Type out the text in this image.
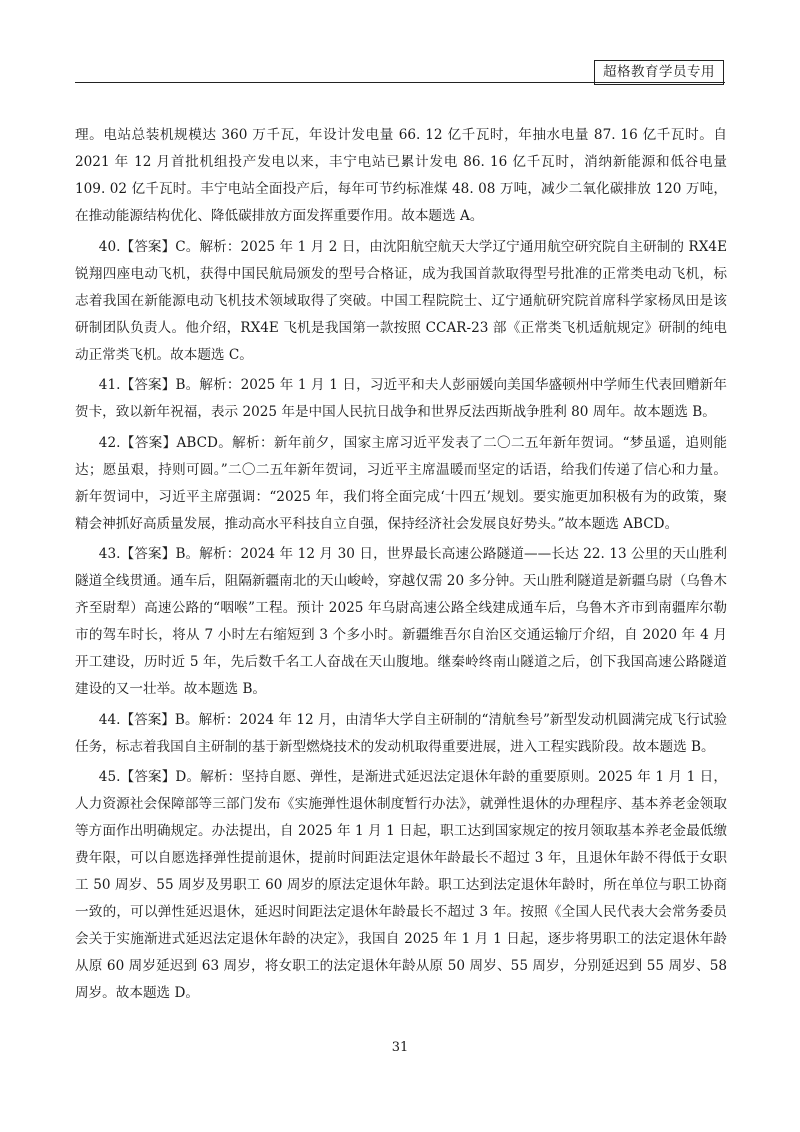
超格教育学员专用

理。电站总装机规模达 360 万千瓦，年设计发电量 66. 12 亿千瓦时，年抽水电量 87. 16 亿千瓦时。自 2021 年 12 月首批机组投产发电以来，丰宁电站已累计发电 86. 16 亿千瓦时，消纳新能源和低谷电量 109. 02 亿千瓦时。丰宁电站全面投产后，每年可节约标准煤 48. 08 万吨，减少二氧化碳排放 120 万吨，在推动能源结构优化、降低碳排放方面发挥重要作用。故本题选 A。

40.【答案】C。解析：2025 年 1 月 2 日，由沈阳航空航天大学辽宁通用航空研究院自主研制的 RX4E 锐翔四座电动飞机，获得中国民航局颁发的型号合格证，成为我国首款取得型号批准的正常类电动飞机，标志着我国在新能源电动飞机技术领域取得了突破。中国工程院院士、辽宁通航研究院首席科学家杨凤田是该研制团队负责人。他介绍，RX4E 飞机是我国第一款按照 CCAR-23 部《正常类飞机适航规定》研制的纯电动正常类飞机。故本题选 C。

41.【答案】B。解析：2025 年 1 月 1 日，习近平和夫人彭丽媛向美国华盛顿州中学师生代表回赠新年贺卡，致以新年祝福，表示 2025 年是中国人民抗日战争和世界反法西斯战争胜利 80 周年。故本题选 B。

42.【答案】ABCD。解析：新年前夕，国家主席习近平发表了二〇二五年新年贺词。“梦虽遥，追则能达；愿虽艰，持则可圆。”二〇二五年新年贺词，习近平主席温暖而坚定的话语，给我们传递了信心和力量。新年贺词中，习近平主席强调：“2025 年，我们将全面完成‘十四五’规划。要实施更加积极有为的政策，聚精会神抓好高质量发展，推动高水平科技自立自强，保持经济社会发展良好势头。”故本题选 ABCD。

43.【答案】B。解析：2024 年 12 月 30 日，世界最长高速公路隧道——长达 22. 13 公里的天山胜利隧道全线贯通。通车后，阻隔新疆南北的天山峻岭，穿越仅需 20 多分钟。天山胜利隧道是新疆乌尉（乌鲁木齐至尉犁）高速公路的“咽喉”工程。预计 2025 年乌尉高速公路全线建成通车后，乌鲁木齐市到南疆库尔勒市的驾车时长，将从 7 小时左右缩短到 3 个多小时。新疆维吾尔自治区交通运输厅介绍，自 2020 年 4 月开工建设，历时近 5 年，先后数千名工人奋战在天山腹地。继秦岭终南山隧道之后，创下我国高速公路隧道建设的又一壮举。故本题选 B。

44.【答案】B。解析：2024 年 12 月，由清华大学自主研制的“清航叁号”新型发动机圆满完成飞行试验任务，标志着我国自主研制的基于新型燃烧技术的发动机取得重要进展，进入工程实践阶段。故本题选 B。

45.【答案】D。解析：坚持自愿、弹性，是渐进式延迟法定退休年龄的重要原则。2025 年 1 月 1 日，人力资源社会保障部等三部门发布《实施弹性退休制度暂行办法》，就弹性退休的办理程序、基本养老金领取等方面作出明确规定。办法提出，自 2025 年 1 月 1 日起，职工达到国家规定的按月领取基本养老金最低缴费年限，可以自愿选择弹性提前退休，提前时间距法定退休年龄最长不超过 3 年，且退休年龄不得低于女职工 50 周岁、55 周岁及男职工 60 周岁的原法定退休年龄。职工达到法定退休年龄时，所在单位与职工协商一致的，可以弹性延迟退休，延迟时间距法定退休年龄最长不超过 3 年。按照《全国人民代表大会常务委员会关于实施渐进式延迟法定退休年龄的决定》，我国自 2025 年 1 月 1 日起，逐步将男职工的法定退休年龄从原 60 周岁延迟到 63 周岁，将女职工的法定退休年龄从原 50 周岁、55 周岁，分别延迟到 55 周岁、58 周岁。故本题选 D。

31
